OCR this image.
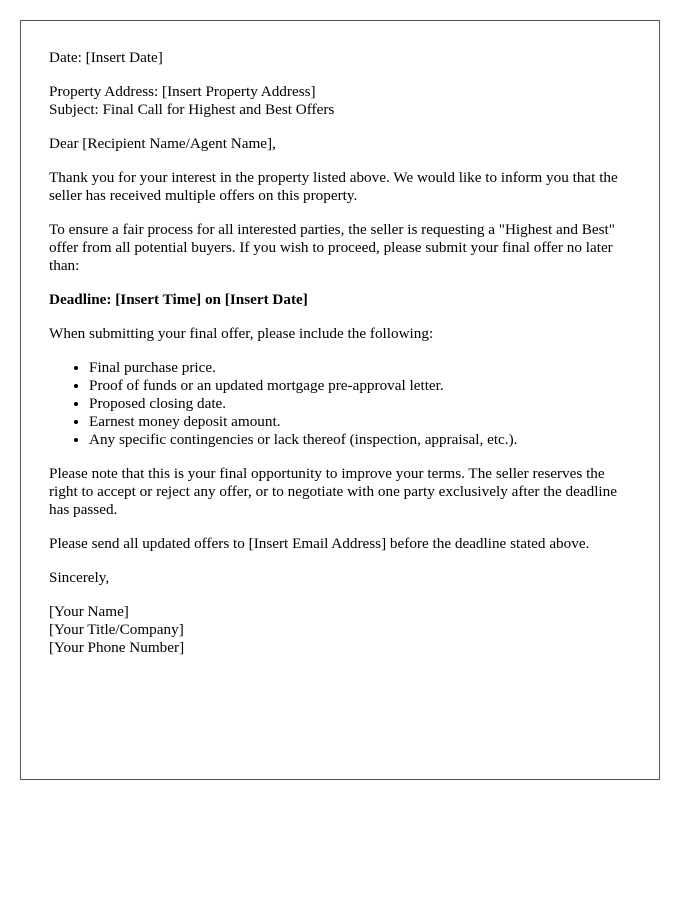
Date: [Insert Date]

Property Address: [Insert Property Address]
Subject: Final Call for Highest and Best Offers

Dear [Recipient Name/Agent Name],

Thank you for your interest in the property listed above. We would like to inform you that the seller has received multiple offers on this property.

To ensure a fair process for all interested parties, the seller is requesting a "Highest and Best" offer from all potential buyers. If you wish to proceed, please submit your final offer no later than:

Deadline: [Insert Time] on [Insert Date]

When submitting your final offer, please include the following:

• Final purchase price.
• Proof of funds or an updated mortgage pre-approval letter.
• Proposed closing date.
• Earnest money deposit amount.
• Any specific contingencies or lack thereof (inspection, appraisal, etc.).

Please note that this is your final opportunity to improve your terms. The seller reserves the right to accept or reject any offer, or to negotiate with one party exclusively after the deadline has passed.

Please send all updated offers to [Insert Email Address] before the deadline stated above.

Sincerely,

[Your Name]
[Your Title/Company]
[Your Phone Number]
